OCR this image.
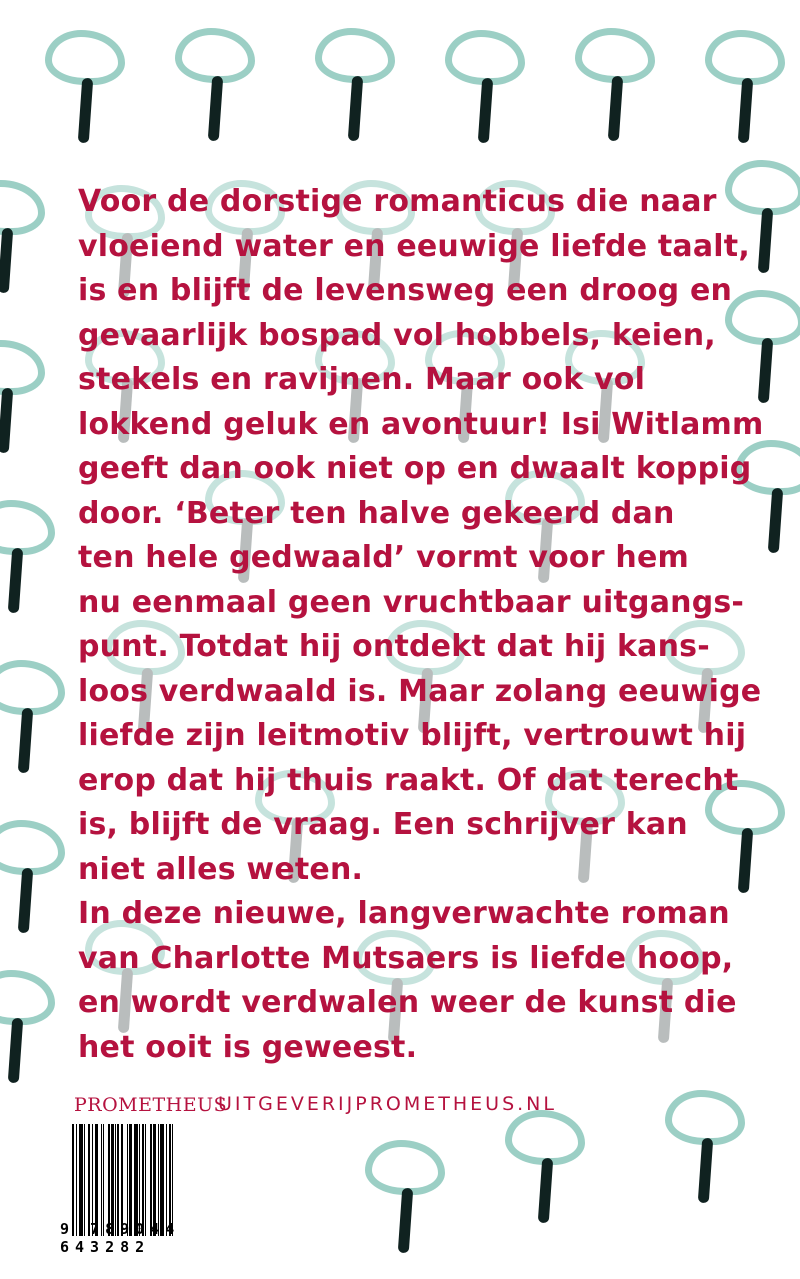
Voor de dorstige romanticus die naar
vloeiend water en eeuwige liefde taalt,
is en blijft de levensweg een droog en
gevaarlijk bospad vol hobbels, keien,
stekels en ravijnen. Maar ook vol
lokkend geluk en avontuur! Isi Witlamm
geeft dan ook niet op en dwaalt koppig
door. ‘Beter ten halve gekeerd dan
ten hele gedwaald’ vormt voor hem
nu eenmaal geen vruchtbaar uitgangs-
punt. Totdat hij ontdekt dat hij kans-
loos verdwaald is. Maar zolang eeuwige
liefde zijn leitmotiv blijft, vertrouwt hij
erop dat hij thuis raakt. Of dat terecht
is, blijft de vraag. Een schrijver kan
niet alles weten.
In deze nieuwe, langverwachte roman
van Charlotte Mutsaers is liefde hoop,
en wordt verdwalen weer de kunst die
het ooit is geweest.
PROMETHEUS
UITGEVERIJPROMETHEUS.NL
9 789044 643282
